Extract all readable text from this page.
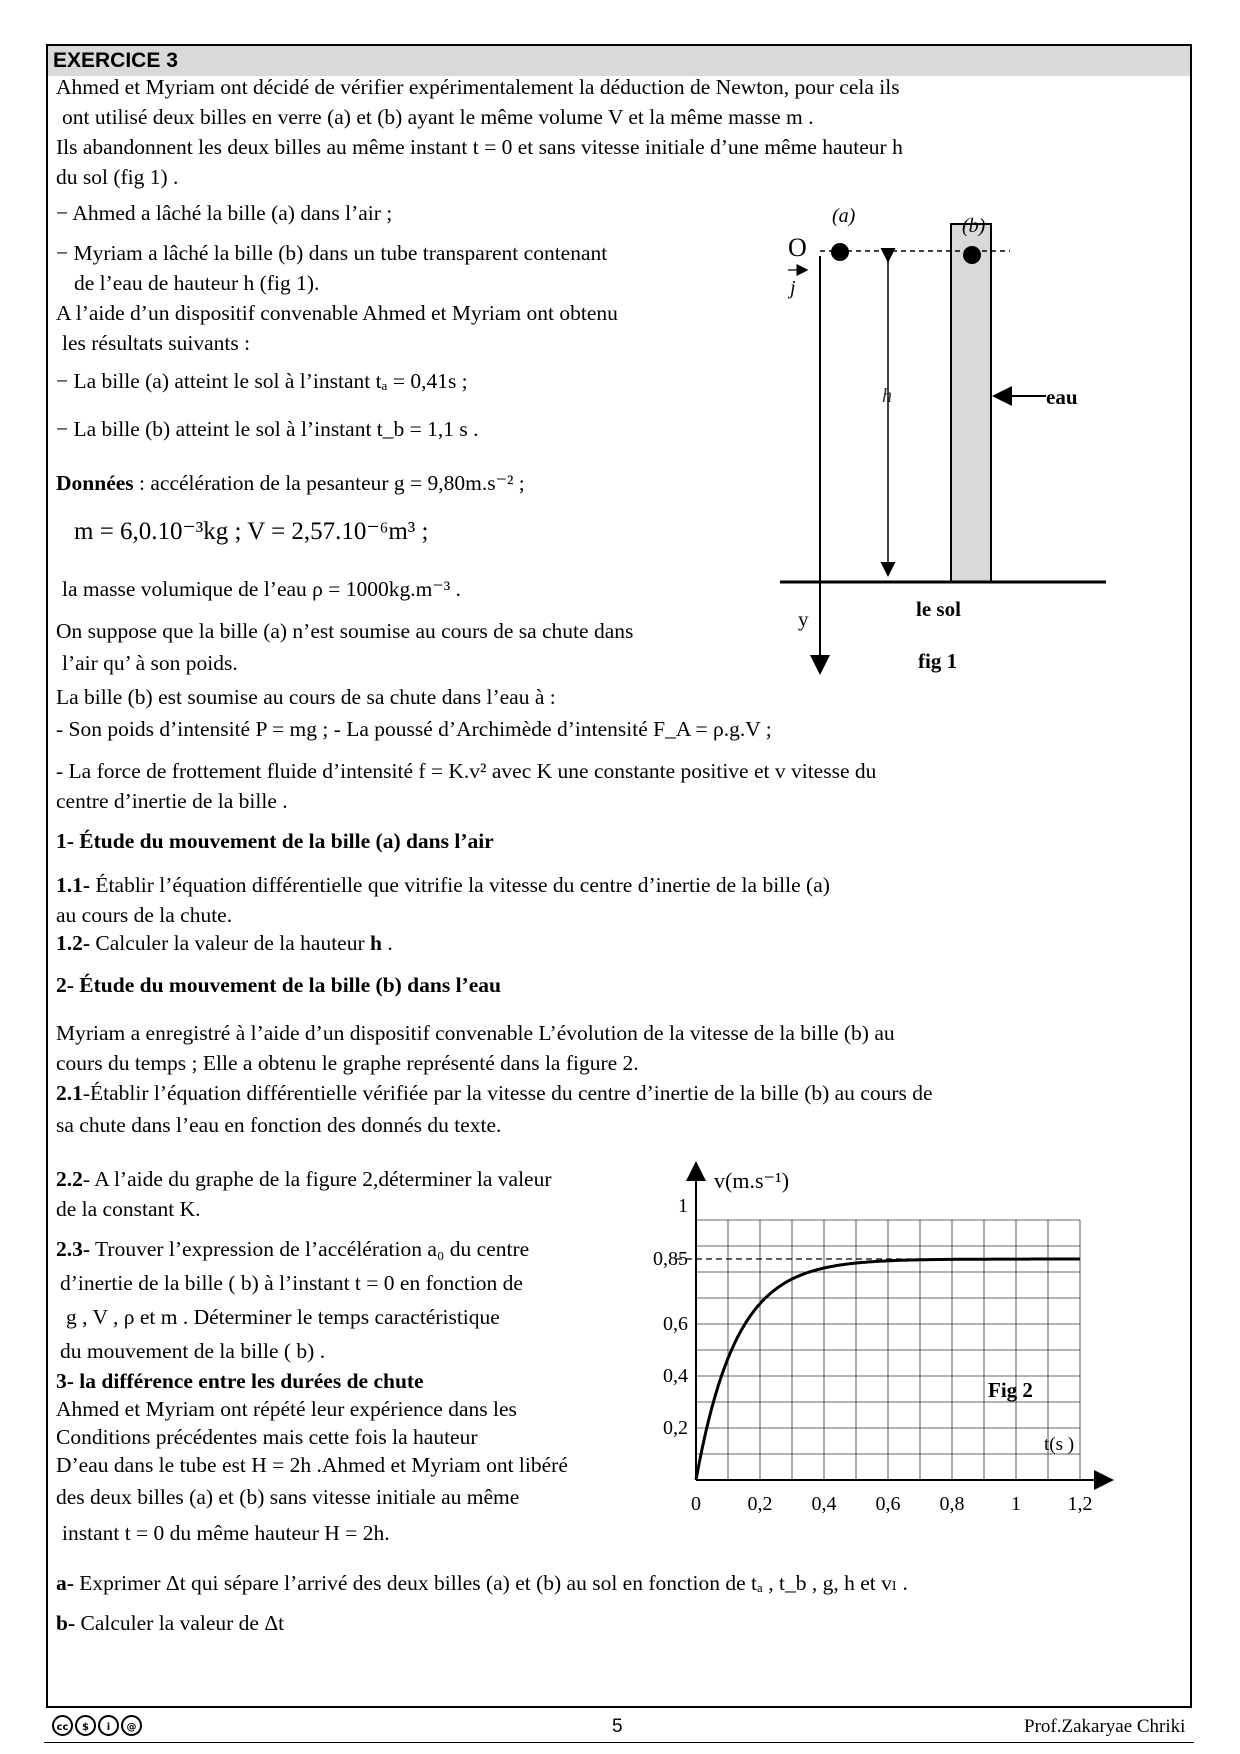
EXERCICE 3
Ahmed et Myriam ont décidé de vérifier expérimentalement la déduction de Newton, pour cela ils
ont utilisé deux billes en verre (a) et (b) ayant le même volume V et la même masse m .
Ils abandonnent les deux billes au même instant t = 0 et sans vitesse initiale d’une même hauteur h
du sol (fig 1) .
− Ahmed a lâché la bille (a) dans l’air ;
− Myriam a lâché la bille (b) dans un tube transparent contenant
de l’eau de hauteur h (fig 1).
A l’aide d’un dispositif convenable Ahmed et Myriam ont obtenu
les résultats suivants :
− La bille (a) atteint le sol à l’instant tₐ = 0,41s ;
− La bille (b) atteint le sol à l’instant t_b = 1,1 s .
Données : accélération de la pesanteur g = 9,80m.s⁻² ;
m = 6,0.10⁻³kg ; V = 2,57.10⁻⁶m³ ;
la masse volumique de l’eau ρ = 1000kg.m⁻³ .
On suppose que la bille (a) n’est soumise au cours de sa chute dans
l’air qu’ à son poids.
La bille (b) est soumise au cours de sa chute dans l’eau à :
- Son poids d’intensité P = mg ; - La poussé d’Archimède d’intensité F_A = ρ.g.V ;
- La force de frottement fluide d’intensité f = K.v² avec K une constante positive et v vitesse du
centre d’inertie de la bille .
1- Étude du mouvement de la bille (a) dans l’air
1.1- Établir l’équation différentielle que vitrifie la vitesse du centre d’inertie de la bille (a)
au cours de la chute.
1.2- Calculer la valeur de la hauteur h .
2- Étude du mouvement de la bille (b) dans l’eau
Myriam a enregistré à l’aide d’un dispositif convenable L’évolution de la vitesse de la bille (b) au
cours du temps ; Elle a obtenu le graphe représenté dans la figure 2.
2.1-Établir l’équation différentielle vérifiée par la vitesse du centre d’inertie de la bille (b) au cours de
sa chute dans l’eau en fonction des donnés du texte.
2.2- A l’aide du graphe de la figure 2,déterminer la valeur
de la constant K.
2.3- Trouver l’expression de l’accélération a₀ du centre
d’inertie de la bille ( b) à l’instant t = 0 en fonction de
g , V , ρ et m . Déterminer le temps caractéristique
du mouvement de la bille ( b) .
3- la différence entre les durées de chute
Ahmed et Myriam ont répété leur expérience dans les
Conditions précédentes mais cette fois la hauteur
D’eau dans le tube est H = 2h .Ahmed et Myriam ont libéré
des deux billes (a) et (b) sans vitesse initiale au même
instant t = 0 du même hauteur H = 2h.
a- Exprimer Δt qui sépare l’arrivé des deux billes (a) et (b) au sol en fonction de tₐ , t_b , g, h et vₗ .
b- Calculer la valeur de Δt
j
O
(a)	(b)
h	eau
le sol
y
fig 1
v(m.s⁻¹)
t(s )
Fig 2
0 0,2 0,4 0,6 0,8 1 1,2
0,2
0,4
0,6
0,85
1
cc	$	i	@	5	Prof.Zakaryae Chriki
